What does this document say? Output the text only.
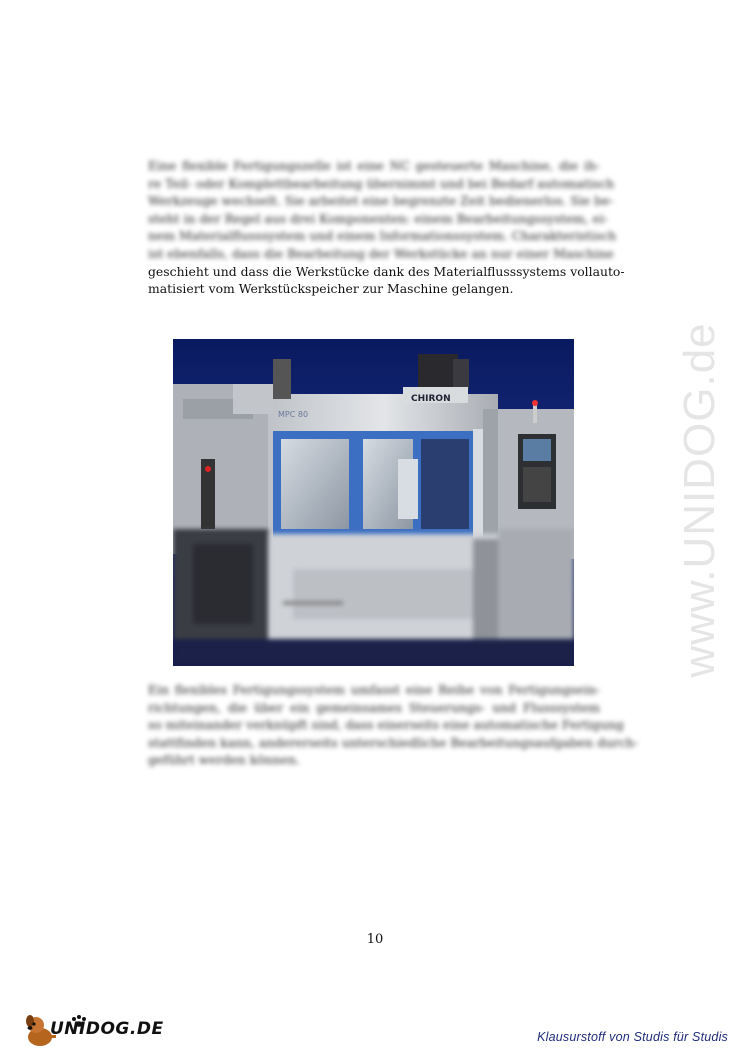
Eine flexible Fertigungszelle ist eine NC gesteuerte Maschine, die ih-
re Teil- oder Komplettbearbeitung übernimmt und bei Bedarf automatisch
Werkzeuge wechselt. Sie arbeitet eine begrenzte Zeit bedienerlos. Sie be-
steht in der Regel aus drei Komponenten: einem Bearbeitungssystem, ei-
nem Materialflusssystem und einem Informationssystem. Charakteristisch
ist ebenfalls, dass die Bearbeitung der Werkstücke an nur einer Maschine
geschieht und dass die Werkstücke dank des Materialflusssystems vollauto-
matisiert vom Werkstückspeicher zur Maschine gelangen.
CHIRON
MPC 80
Ein flexibles Fertigungssystem umfasst eine Reihe von Fertigungsein-
richtungen, die über ein gemeinsames Steuerungs- und Flusssystem
so miteinander verknüpft sind, dass einerseits eine automatische Fertigung
stattfinden kann, andererseits unterschiedliche Bearbeitungsaufgaben durch-
geführt werden können.
10
www.UNIDOG.de
UNIDOG.DE	Klausurstoff von Studis für Studis
